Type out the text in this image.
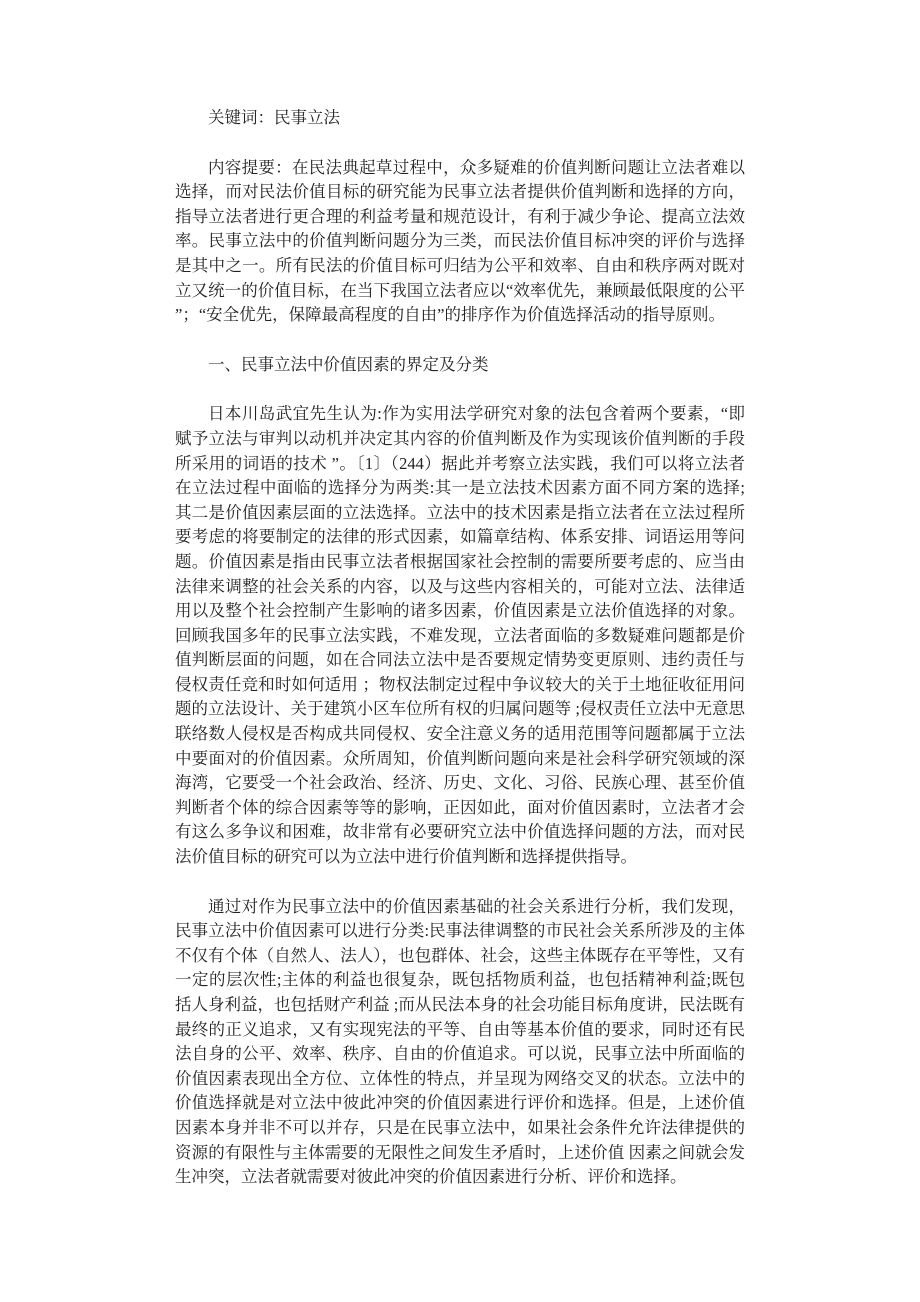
关键词：民事立法

内容提要：在民法典起草过程中，众多疑难的价值判断问题让立法者难以选择，而对民法价值目标的研究能为民事立法者提供价值判断和选择的方向，指导立法者进行更合理的利益考量和规范设计，有利于减少争论、提高立法效率。民事立法中的价值判断问题分为三类，而民法价值目标冲突的评价与选择是其中之一。所有民法的价值目标可归结为公平和效率、自由和秩序两对既对立又统一的价值目标，在当下我国立法者应以“效率优先，兼顾最低限度的公平 ”；“安全优先，保障最高程度的自由”的排序作为价值选择活动的指导原则。

一、民事立法中价值因素的界定及分类

日本川岛武宜先生认为:作为实用法学研究对象的法包含着两个要素，“即赋予立法与审判以动机并决定其内容的价值判断及作为实现该价值判断的手段所采用的词语的技术 ”。〔1〕（244）据此并考察立法实践，我们可以将立法者在立法过程中面临的选择分为两类:其一是立法技术因素方面不同方案的选择;其二是价值因素层面的立法选择。立法中的技术因素是指立法者在立法过程所要考虑的将要制定的法律的形式因素，如篇章结构、体系安排、词语运用等问题。价值因素是指由民事立法者根据国家社会控制的需要所要考虑的、应当由法律来调整的社会关系的内容，以及与这些内容相关的，可能对立法、法律适用以及整个社会控制产生影响的诸多因素，价值因素是立法价值选择的对象。回顾我国多年的民事立法实践，不难发现，立法者面临的多数疑难问题都是价值判断层面的问题，如在合同法立法中是否要规定情势变更原则、违约责任与侵权责任竞和时如何适用 ；物权法制定过程中争议较大的关于土地征收征用问题的立法设计、关于建筑小区车位所有权的归属问题等 ;侵权责任立法中无意思联络数人侵权是否构成共同侵权、安全注意义务的适用范围等问题都属于立法中要面对的价值因素。众所周知，价值判断问题向来是社会科学研究领域的深海湾，它要受一个社会政治、经济、历史、文化、习俗、民族心理、甚至价值判断者个体的综合因素等等的影响，正因如此，面对价值因素时，立法者才会有这么多争议和困难，故非常有必要研究立法中价值选择问题的方法，而对民法价值目标的研究可以为立法中进行价值判断和选择提供指导。

通过对作为民事立法中的价值因素基础的社会关系进行分析，我们发现，民事立法中价值因素可以进行分类:民事法律调整的市民社会关系所涉及的主体不仅有个体（自然人、法人），也包群体、社会，这些主体既存在平等性，又有一定的层次性;主体的利益也很复杂，既包括物质利益，也包括精神利益;既包括人身利益，也包括财产利益 ;而从民法本身的社会功能目标角度讲，民法既有最终的正义追求，又有实现宪法的平等、自由等基本价值的要求，同时还有民法自身的公平、效率、秩序、自由的价值追求。可以说，民事立法中所面临的价值因素表现出全方位、立体性的特点，并呈现为网络交叉的状态。立法中的价值选择就是对立法中彼此冲突的价值因素进行评价和选择。但是，上述价值因素本身并非不可以并存，只是在民事立法中，如果社会条件允许法律提供的资源的有限性与主体需要的无限性之间发生矛盾时，上述价值 因素之间就会发生冲突，立法者就需要对彼此冲突的价值因素进行分析、评价和选择。
